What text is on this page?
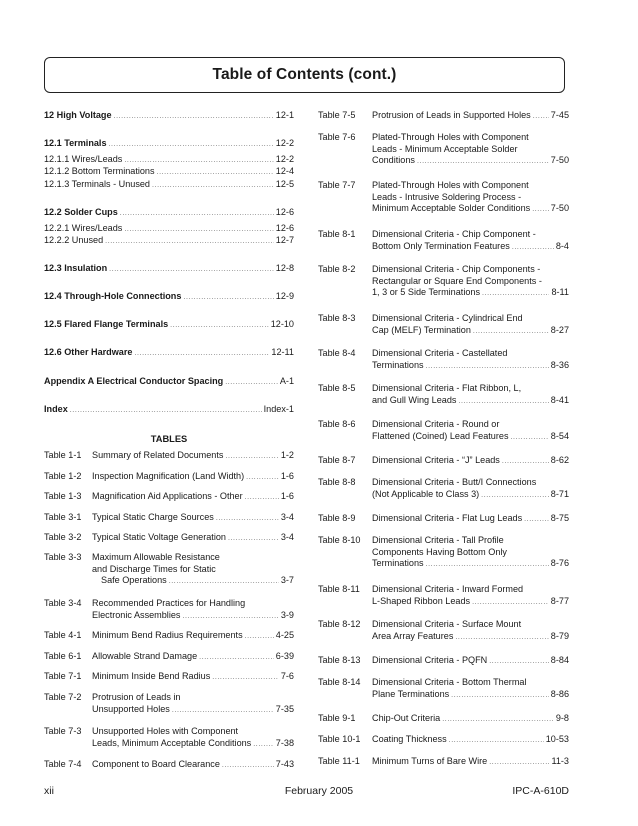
Table of Contents (cont.)
12 High Voltage .....	12-1
12.1 Terminals .....	12-2
12.1.1 Wires/Leads .....	12-2
12.1.2 Bottom Terminations .....	12-4
12.1.3 Terminals - Unused .....	12-5
12.2 Solder Cups .....	12-6
12.2.1 Wires/Leads .....	12-6
12.2.2 Unused .....	12-7
12.3 Insulation .....	12-8
12.4 Through-Hole Connections .....	12-9
12.5 Flared Flange Terminals .....	12-10
12.6 Other Hardware .....	12-11
Appendix A Electrical Conductor Spacing .....	A-1
Index .....	Index-1
TABLES
Table 1-1	Summary of Related Documents .....	1-2
Table 1-2	Inspection Magnification (Land Width) .....	1-6
Table 1-3	Magnification Aid Applications - Other .....	1-6
Table 3-1	Typical Static Charge Sources .....	3-4
Table 3-2	Typical Static Voltage Generation .....	3-4
Table 3-3	Maximum Allowable Resistance
and Discharge Times for Static
Safe Operations .....	3-7
Table 3-4	Recommended Practices for Handling
Electronic Assemblies .....	3-9
Table 4-1	Minimum Bend Radius Requirements .....	4-25
Table 6-1	Allowable Strand Damage .....	6-39
Table 7-1	Minimum Inside Bend Radius .....	7-6
Table 7-2	Protrusion of Leads in
Unsupported Holes .....	7-35
Table 7-3	Unsupported Holes with Component
Leads, Minimum Acceptable Conditions .....	7-38
Table 7-4	Component to Board Clearance .....	7-43
Table 7-5	Protrusion of Leads in Supported Holes ..... 7-45
Table 7-6	Plated-Through Holes with Component
Leads - Minimum Acceptable Solder
Conditions .....	7-50
Table 7-7	Plated-Through Holes with Component
Leads - Intrusive Soldering Process -
Minimum Acceptable Solder Conditions ..... 7-50
Table 8-1	Dimensional Criteria - Chip Component -
Bottom Only Termination Features .....	8-4
Table 8-2	Dimensional Criteria - Chip Components -
Rectangular or Square End Components -
1, 3 or 5 Side Terminations .....	8-11
Table 8-3	Dimensional Criteria - Cylindrical End
Cap (MELF) Termination .....	8-27
Table 8-4	Dimensional Criteria - Castellated
Terminations .....	8-36
Table 8-5	Dimensional Criteria - Flat Ribbon, L,
and Gull Wing Leads .....	8-41
Table 8-6	Dimensional Criteria - Round or
Flattened (Coined) Lead Features .....	8-54
Table 8-7	Dimensional Criteria - “J” Leads .....	8-62
Table 8-8	Dimensional Criteria - Butt/I Connections
(Not Applicable to Class 3) .....	8-71
Table 8-9	Dimensional Criteria - Flat Lug Leads .....	8-75
Table 8-10	Dimensional Criteria - Tall Profile
Components Having Bottom Only
Terminations .....	8-76
Table 8-11	Dimensional Criteria - Inward Formed
L-Shaped Ribbon Leads .....	8-77
Table 8-12	Dimensional Criteria - Surface Mount
Area Array Features .....	8-79
Table 8-13	Dimensional Criteria - PQFN .....	8-84
Table 8-14	Dimensional Criteria - Bottom Thermal
Plane Terminations .....	8-86
Table 9-1	Chip-Out Criteria .....	9-8
Table 10-1	Coating Thickness .....	10-53
Table 11-1	Minimum Turns of Bare Wire .....	11-3
xii	February 2005	IPC-A-610D
